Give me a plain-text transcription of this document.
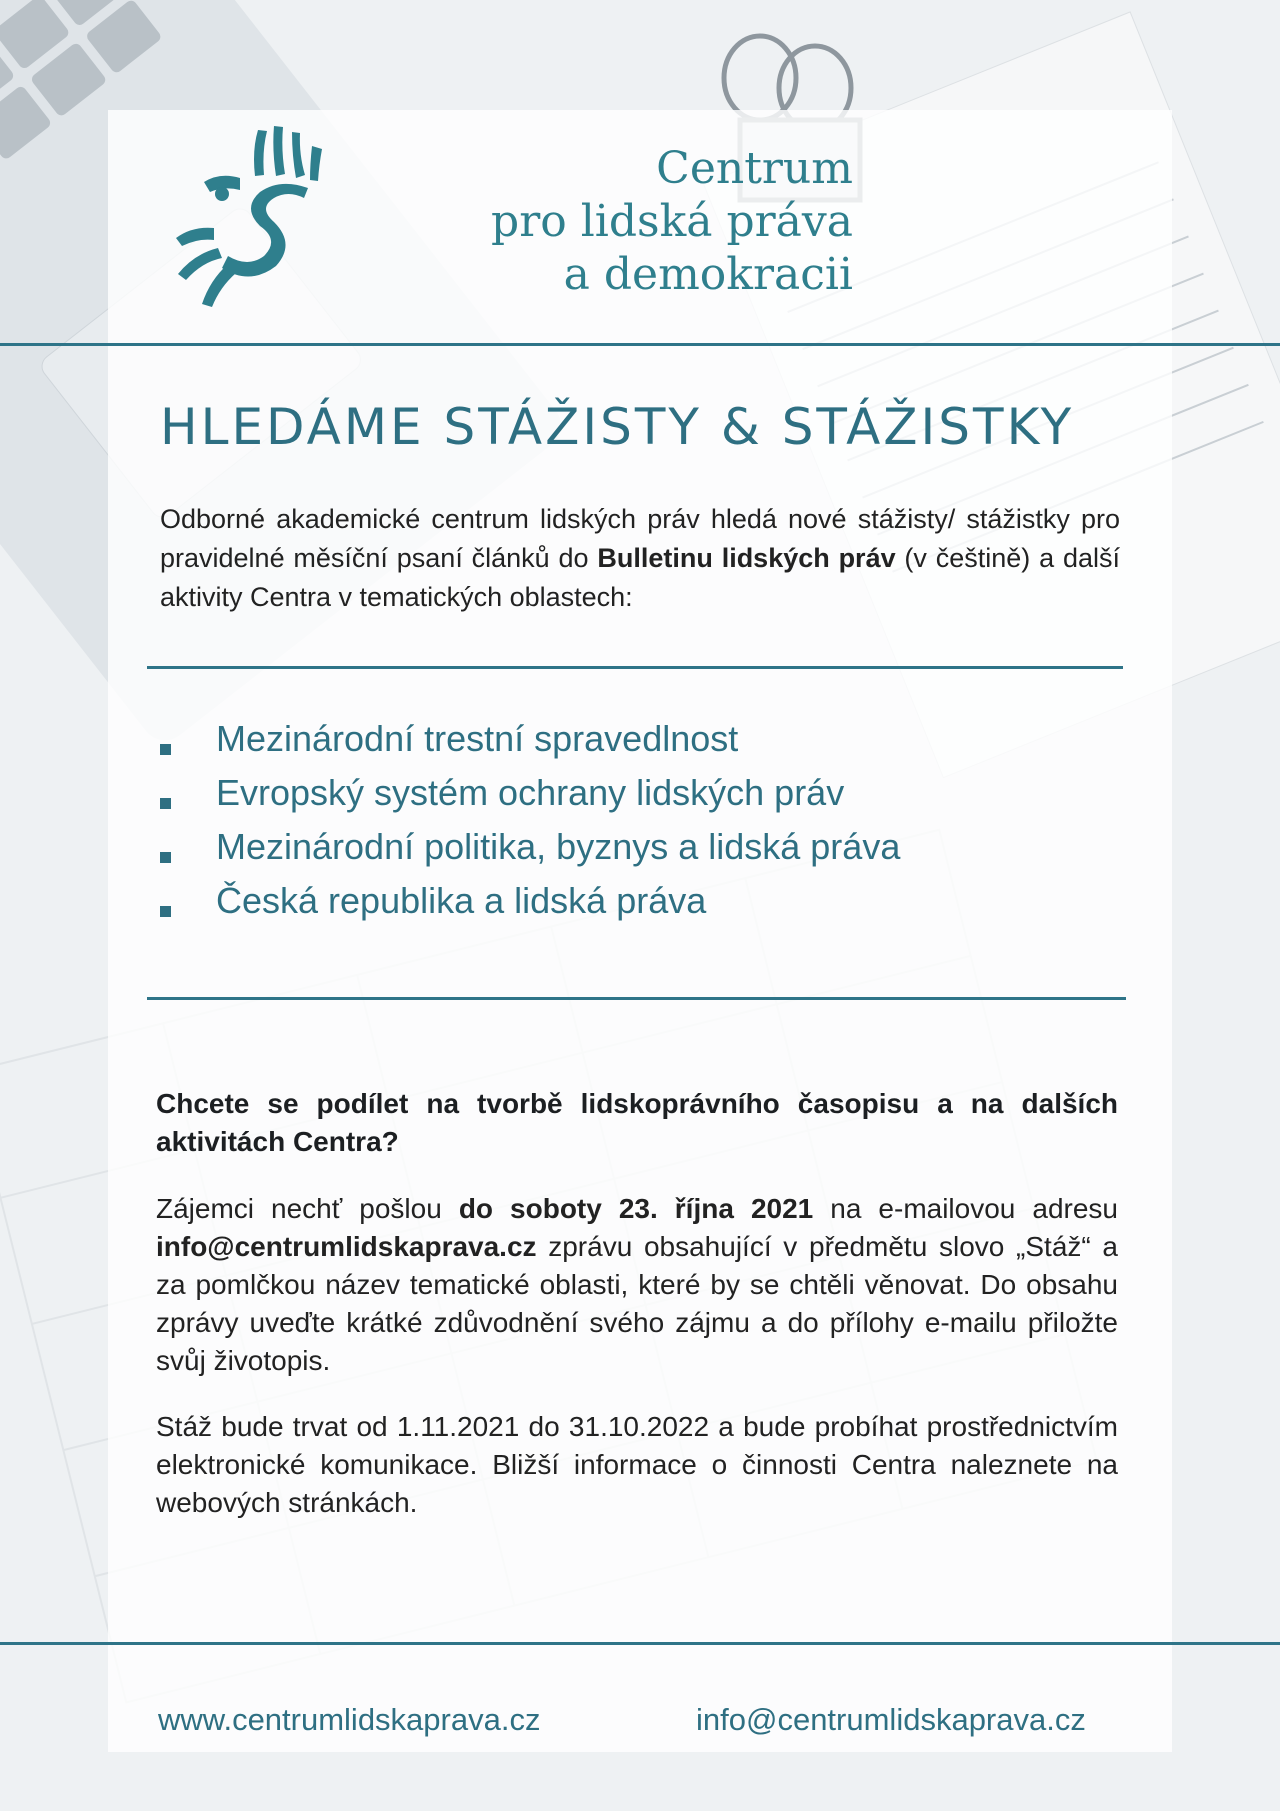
Centrum
pro lidská práva
a demokracii
HLEDÁME STÁŽISTY & STÁŽISTKY
Odborné akademické centrum lidských práv hledá nové stážisty/ stážistky pro pravidelné měsíční psaní článků do Bulletinu lidských práv (v češtině) a další aktivity Centra v tematických oblastech:
Mezinárodní trestní spravedlnost
Evropský systém ochrany lidských práv
Mezinárodní politika, byznys a lidská práva
Česká republika a lidská práva
Chcete se podílet na tvorbě lidskoprávního časopisu a na dalších aktivitách Centra?
Zájemci nechť pošlou do soboty 23. října 2021 na e-mailovou adresu info@centrumlidskaprava.cz zprávu obsahující v předmětu slovo „Stáž“ a za pomlčkou název tematické oblasti, které by se chtěli věnovat. Do obsahu zprávy uveďte krátké zdůvodnění svého zájmu a do přílohy e-mailu přiložte svůj životopis.
Stáž bude trvat od 1.11.2021 do 31.10.2022 a bude probíhat prostřednictvím elektronické komunikace. Bližší informace o činnosti Centra naleznete na webových stránkách.
www.centrumlidskaprava.cz	info@centrumlidskaprava.cz
